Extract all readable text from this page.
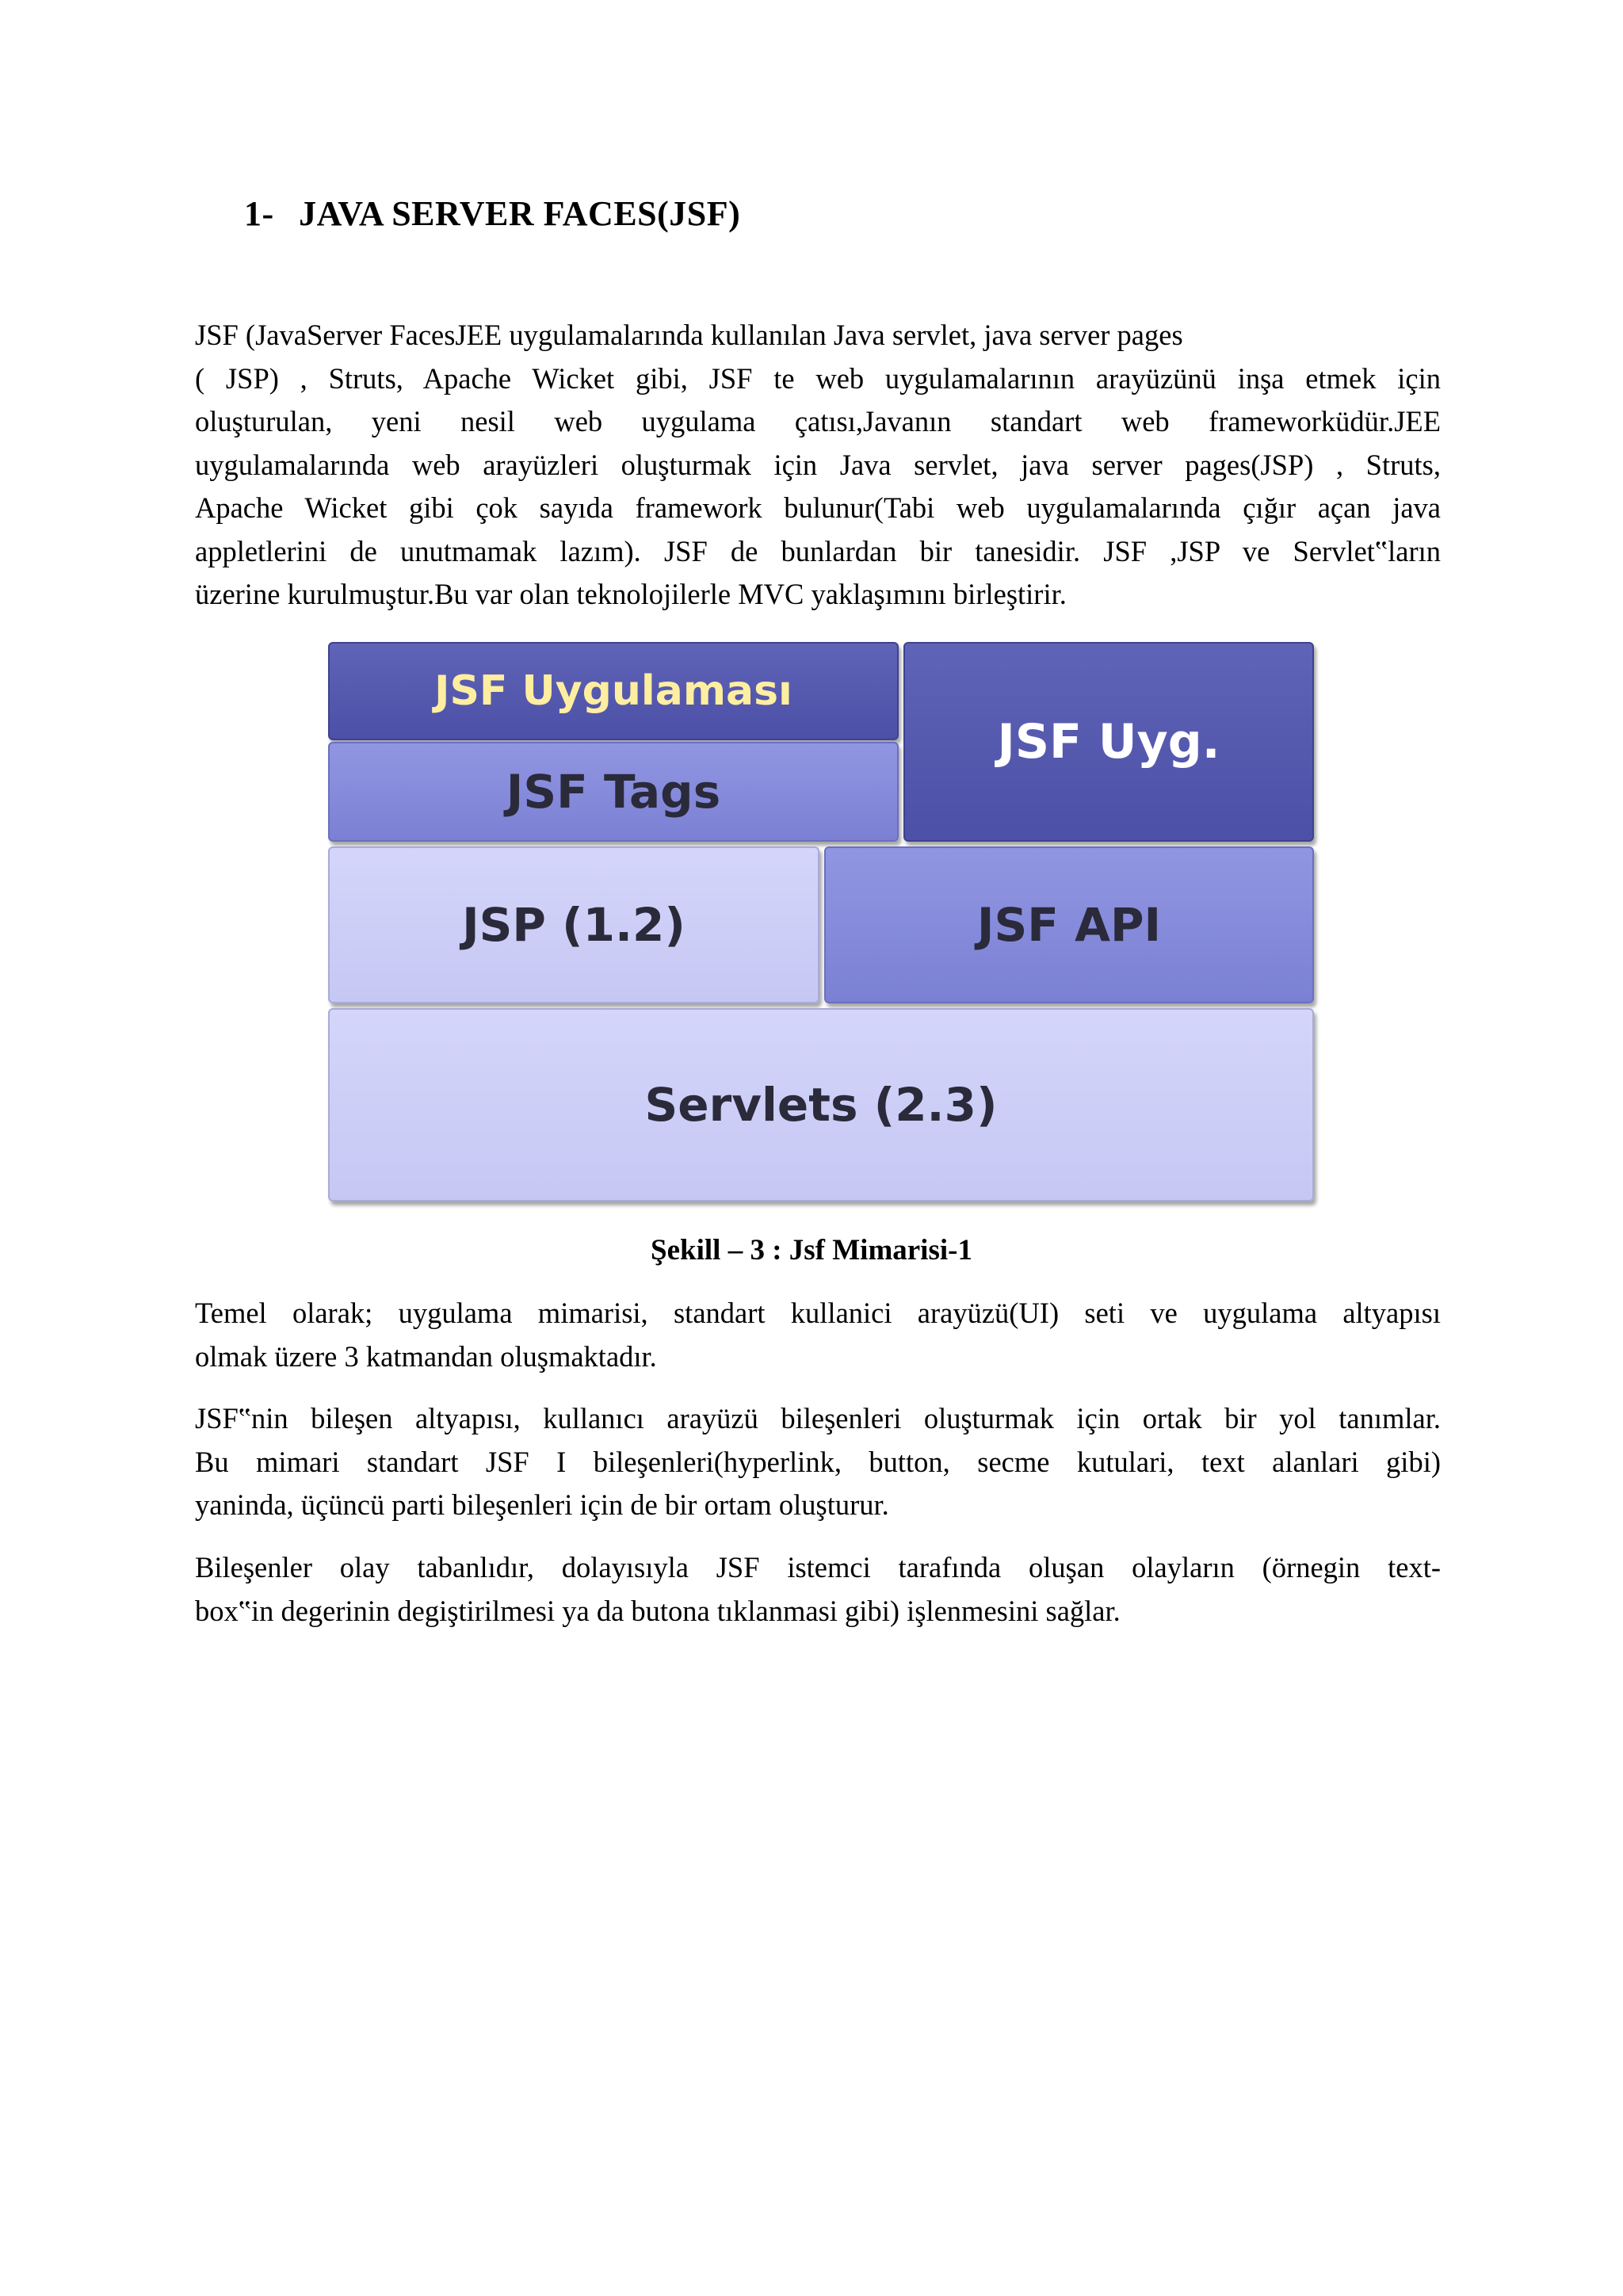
1- JAVA SERVER FACES(JSF)
JSF (JavaServer FacesJEE uygulamalarında kullanılan Java servlet, java server pages
( JSP) , Struts, Apache Wicket gibi, JSF te web uygulamalarının arayüzünü inşa etmek için
oluşturulan, yeni nesil web uygulama çatısı,Javanın standart web frameworküdür.JEE
uygulamalarında web arayüzleri oluşturmak için Java servlet, java server pages(JSP) , Struts,
Apache Wicket gibi çok sayıda framework bulunur(Tabi web uygulamalarında çığır açan java
appletlerini de unutmamak lazım). JSF de bunlardan bir tanesidir. JSF ,JSP ve Servlet‟ların
üzerine kurulmuştur.Bu var olan teknolojilerle MVC yaklaşımını birleştirir.
JSF Uygulaması
JSF Tags
JSF Uyg.
JSP (1.2)	JSF API
Servlets (2.3)
Şekill – 3 : Jsf Mimarisi-1
Temel olarak; uygulama mimarisi, standart kullanici arayüzü(UI) seti ve uygulama altyapısı
olmak üzere 3 katmandan oluşmaktadır.
JSF‟nin bileşen altyapısı, kullanıcı arayüzü bileşenleri oluşturmak için ortak bir yol tanımlar.
Bu mimari standart JSF I bileşenleri(hyperlink, button, secme kutulari, text alanlari gibi)
yaninda, üçüncü parti bileşenleri için de bir ortam oluşturur.
Bileşenler olay tabanlıdır, dolayısıyla JSF istemci tarafında oluşan olayların (örnegin text-
box‟in degerinin degiştirilmesi ya da butona tıklanmasi gibi) işlenmesini sağlar.
